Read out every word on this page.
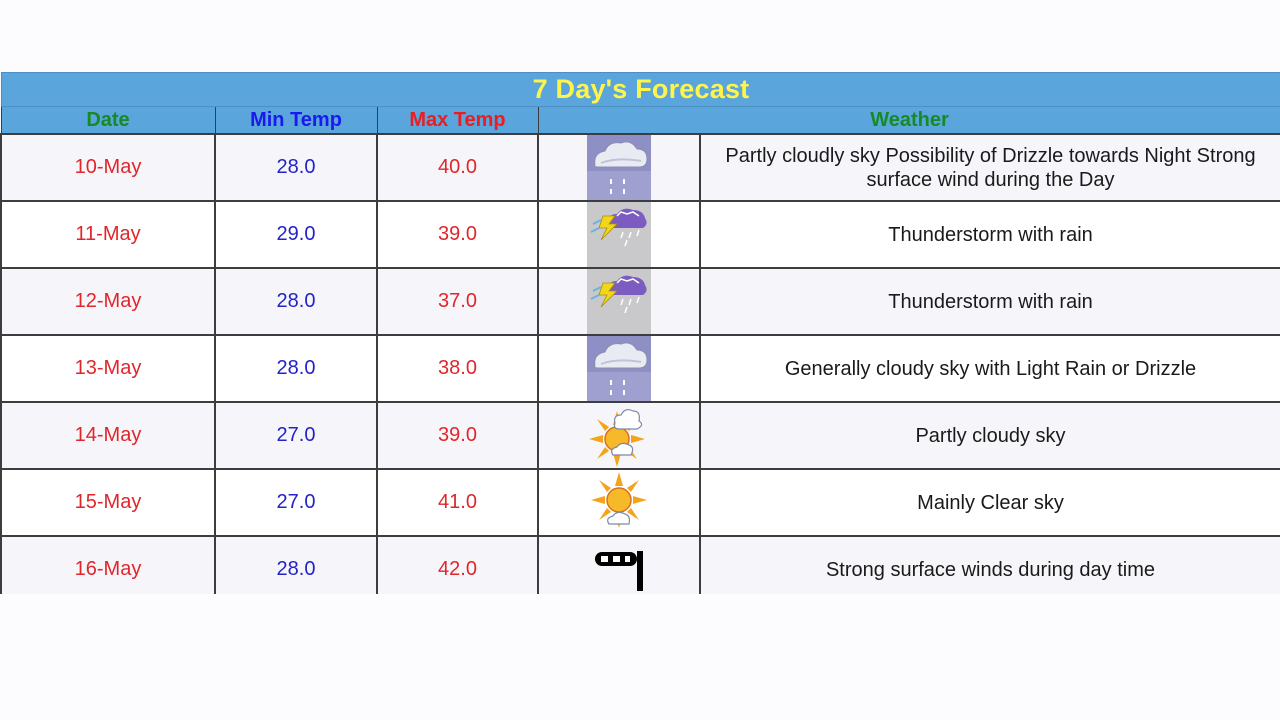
7 Day's Forecast				
Date	Min Temp	Max Temp	Weather	
10-May	28.0	40.0		Partly cloudly sky Possibility of Drizzle towards Night Strong surface wind during the Day
11-May	29.0	39.0		Thunderstorm with rain
12-May	28.0	37.0		Thunderstorm with rain
13-May	28.0	38.0		Generally cloudy sky with Light Rain or Drizzle
14-May	27.0	39.0		Partly cloudy sky
15-May	27.0	41.0		Mainly Clear sky
16-May	28.0	42.0		Strong surface winds during day time
